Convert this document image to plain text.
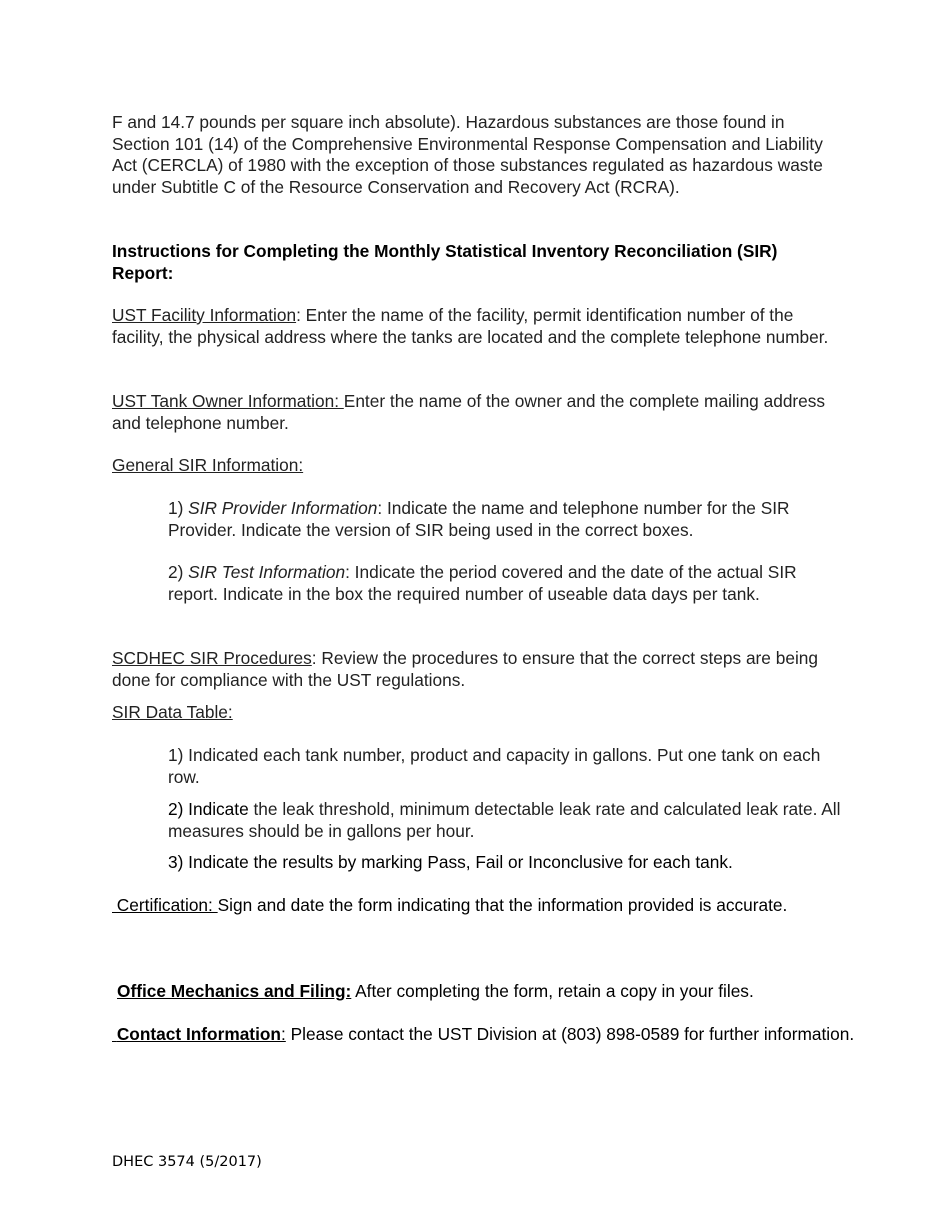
F and 14.7 pounds per square inch absolute). Hazardous substances are those found in Section 101 (14) of the Comprehensive Environmental Response Compensation and Liability Act (CERCLA) of 1980 with the exception of those substances regulated as hazardous waste under Subtitle C of the Resource Conservation and Recovery Act (RCRA).

Instructions for Completing the Monthly Statistical Inventory Reconciliation (SIR) Report:

UST Facility Information: Enter the name of the facility, permit identification number of the facility, the physical address where the tanks are located and the complete telephone number.

UST Tank Owner Information: Enter the name of the owner and the complete mailing address and telephone number.

General SIR Information:

1) SIR Provider Information: Indicate the name and telephone number for the SIR Provider. Indicate the version of SIR being used in the correct boxes.

2) SIR Test Information: Indicate the period covered and the date of the actual SIR report. Indicate in the box the required number of useable data days per tank.

SCDHEC SIR Procedures: Review the procedures to ensure that the correct steps are being done for compliance with the UST regulations.

SIR Data Table:

1) Indicated each tank number, product and capacity in gallons. Put one tank on each row.

2) Indicate the leak threshold, minimum detectable leak rate and calculated leak rate. All measures should be in gallons per hour.

3) Indicate the results by marking Pass, Fail or Inconclusive for each tank.

Certification: Sign and date the form indicating that the information provided is accurate.

Office Mechanics and Filing: After completing the form, retain a copy in your files.

Contact Information: Please contact the UST Division at (803) 898-0589 for further information.

DHEC 3574 (5/2017)
